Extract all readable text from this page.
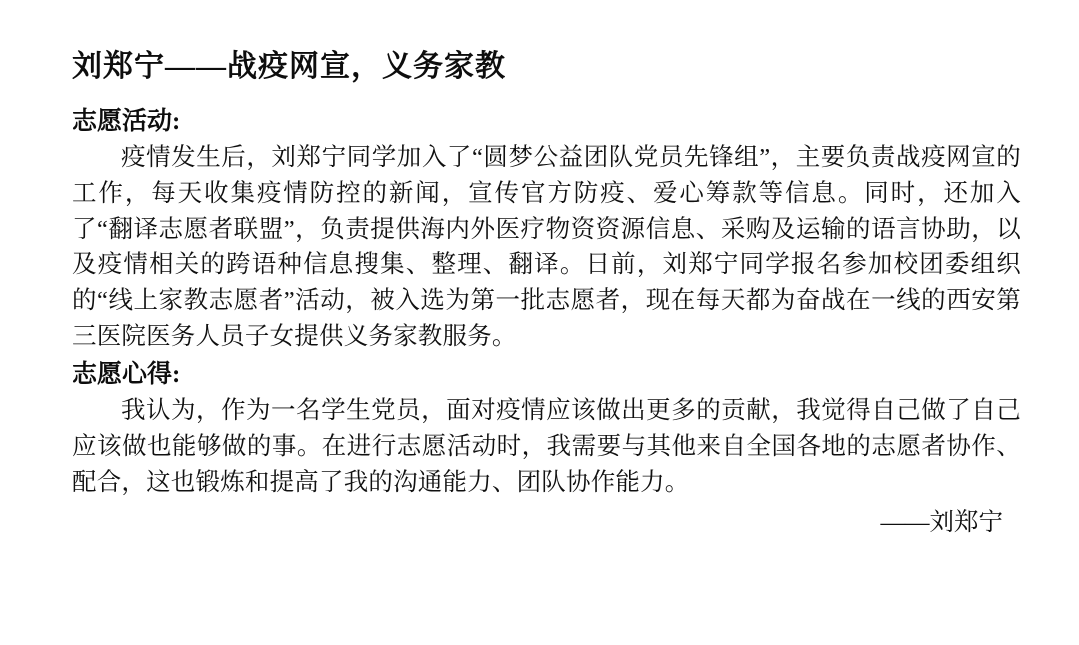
刘郑宁——战疫网宣，义务家教
志愿活动:

疫情发生后，刘郑宁同学加入了“圆梦公益团队党员先锋组”，主要负责战疫网宣的工作，每天收集疫情防控的新闻，宣传官方防疫、爱心筹款等信息。同时，还加入了“翻译志愿者联盟”，负责提供海内外医疗物资资源信息、采购及运输的语言协助，以及疫情相关的跨语种信息搜集、整理、翻译。日前，刘郑宁同学报名参加校团委组织的“线上家教志愿者”活动，被入选为第一批志愿者，现在每天都为奋战在一线的西安第三医院医务人员子女提供义务家教服务。

志愿心得:

我认为，作为一名学生党员，面对疫情应该做出更多的贡献，我觉得自己做了自己应该做也能够做的事。在进行志愿活动时，我需要与其他来自全国各地的志愿者协作、配合，这也锻炼和提高了我的沟通能力、团队协作能力。

——刘郑宁
